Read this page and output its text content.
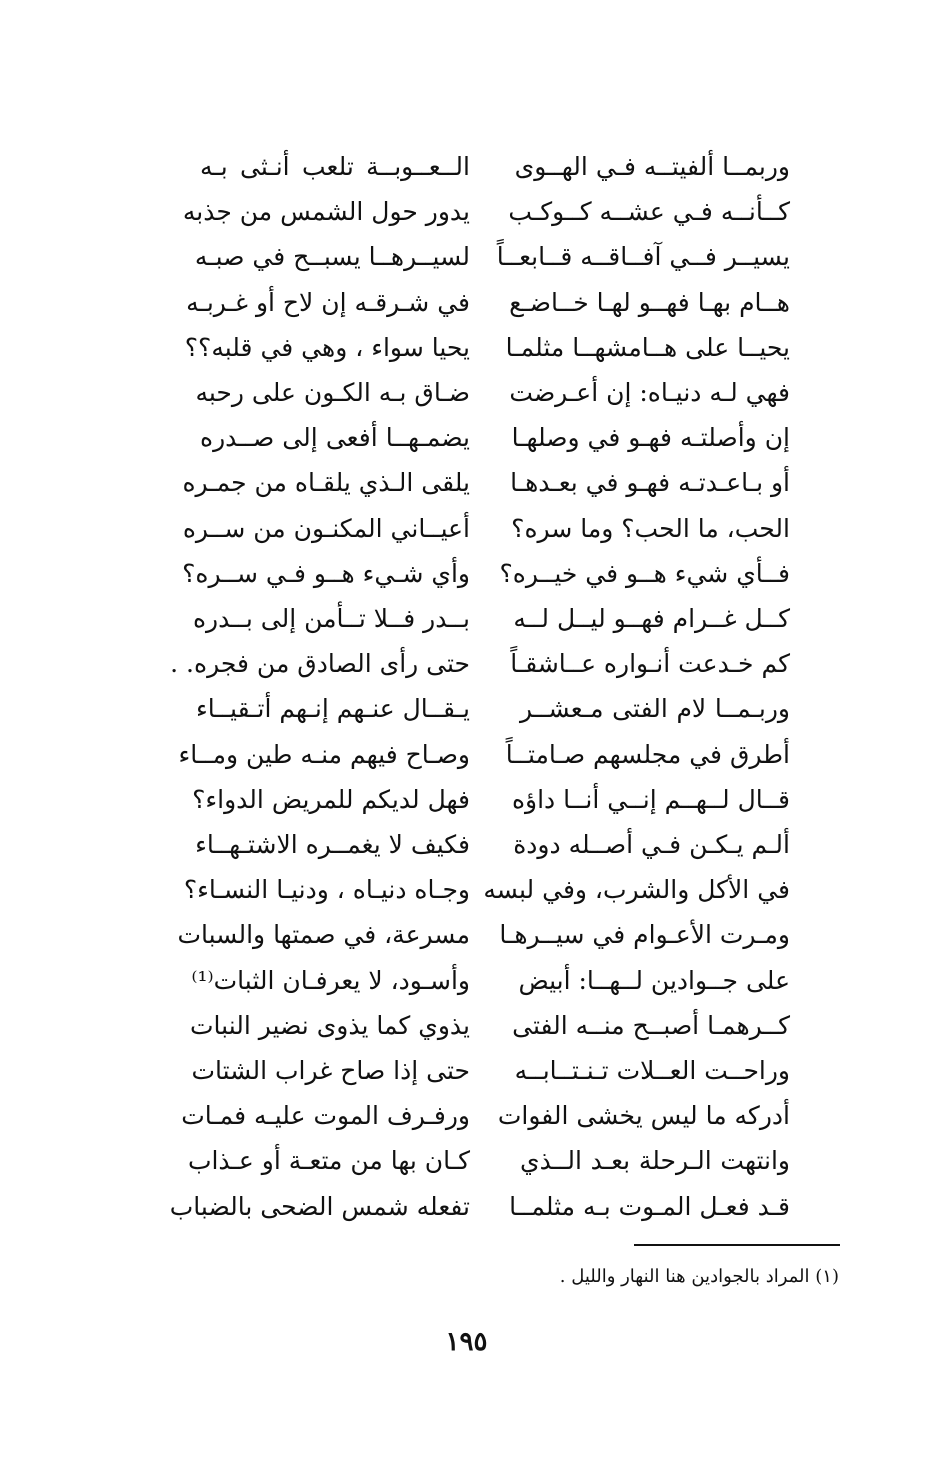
وربمــا ألفيتــه فـي الهــوى
كــأنــه فـي عشــه كــوكـب
يسيــر فــي آفــاقــه قــابعــاً
هــام بهـا فهــو لهـا خــاضـع
يحيــا على هــامشهــا مثلمـا
فهي لـه دنيـاه: إن أعـرضت
إن وأصلتـه فهـو في وصلهـا
أو بـاعـدتـه فهـو في بعـدهـا
الحب، ما الحب؟ وما سره؟
فــأي شيء هــو في خيــره؟
كــل غــرام فهــو ليــل لــه
كم خـدعت أنـواره عــاشقـاً
وربـمــا لام الفتى مـعشــر
أطرق في مجلسهم صـامتــاً
قــال لــهــم إنــي أنــا داؤه
ألـم يـكـن فـي أصــله دودة
في الأكل والشرب، وفي لبسه
ومـرت الأعـوام في سيــرهـا
على جــوادين لــهــا: أبيض
كــرهمـا أصبــح منــه الفتى
وراحــت العــلات تـنـتــابــه
أدركه ما ليس يخشى الفوات
وانتهت الـرحلة بعـد الــذي
قـد فعـل المـوت بـه مثلمــا
الــعــوبــة تلعب أنـثى بـه
يدور حول الشمس من جذبه
لسيــرهــا يسبــح في صبـه
في شـرقـه إن لاح أو غـربـه
يحيا سواء ، وهي في قلبه؟؟
ضـاق بـه الكـون على رحبه
يضمـهــا أفعى إلى صــدره
يلقى الـذي يلقـاه من جمـره
أعيــاني المكنـون من ســره
وأي شـيء هــو فـي ســره؟
بــدر فــلا تــأمن إلى بــدره
حتى رأى الصادق من فجره. .
يـقــال عنـهم إنـهم أتـقيــاء
وصـاح فيهم منـه طين ومــاء
فهل لديكم للمريض الدواء؟
فكيف لا يغمــره الاشتـهــاء
وجـاه دنيـاه ، ودنيـا النسـاء؟
مسرعة، في صمتها والسبات
وأسـود، لا يعرفـان الثبات⁽¹⁾
يذوي كما يذوى نضير النبات
حتى إذا صاح غراب الشتات
ورفـرف الموت عليـه فمـات
كـان بها من متعـة أو عـذاب
تفعله شمس الضحى بالضباب
(١) المراد بالجوادين هنا النهار والليل .
١٩٥
